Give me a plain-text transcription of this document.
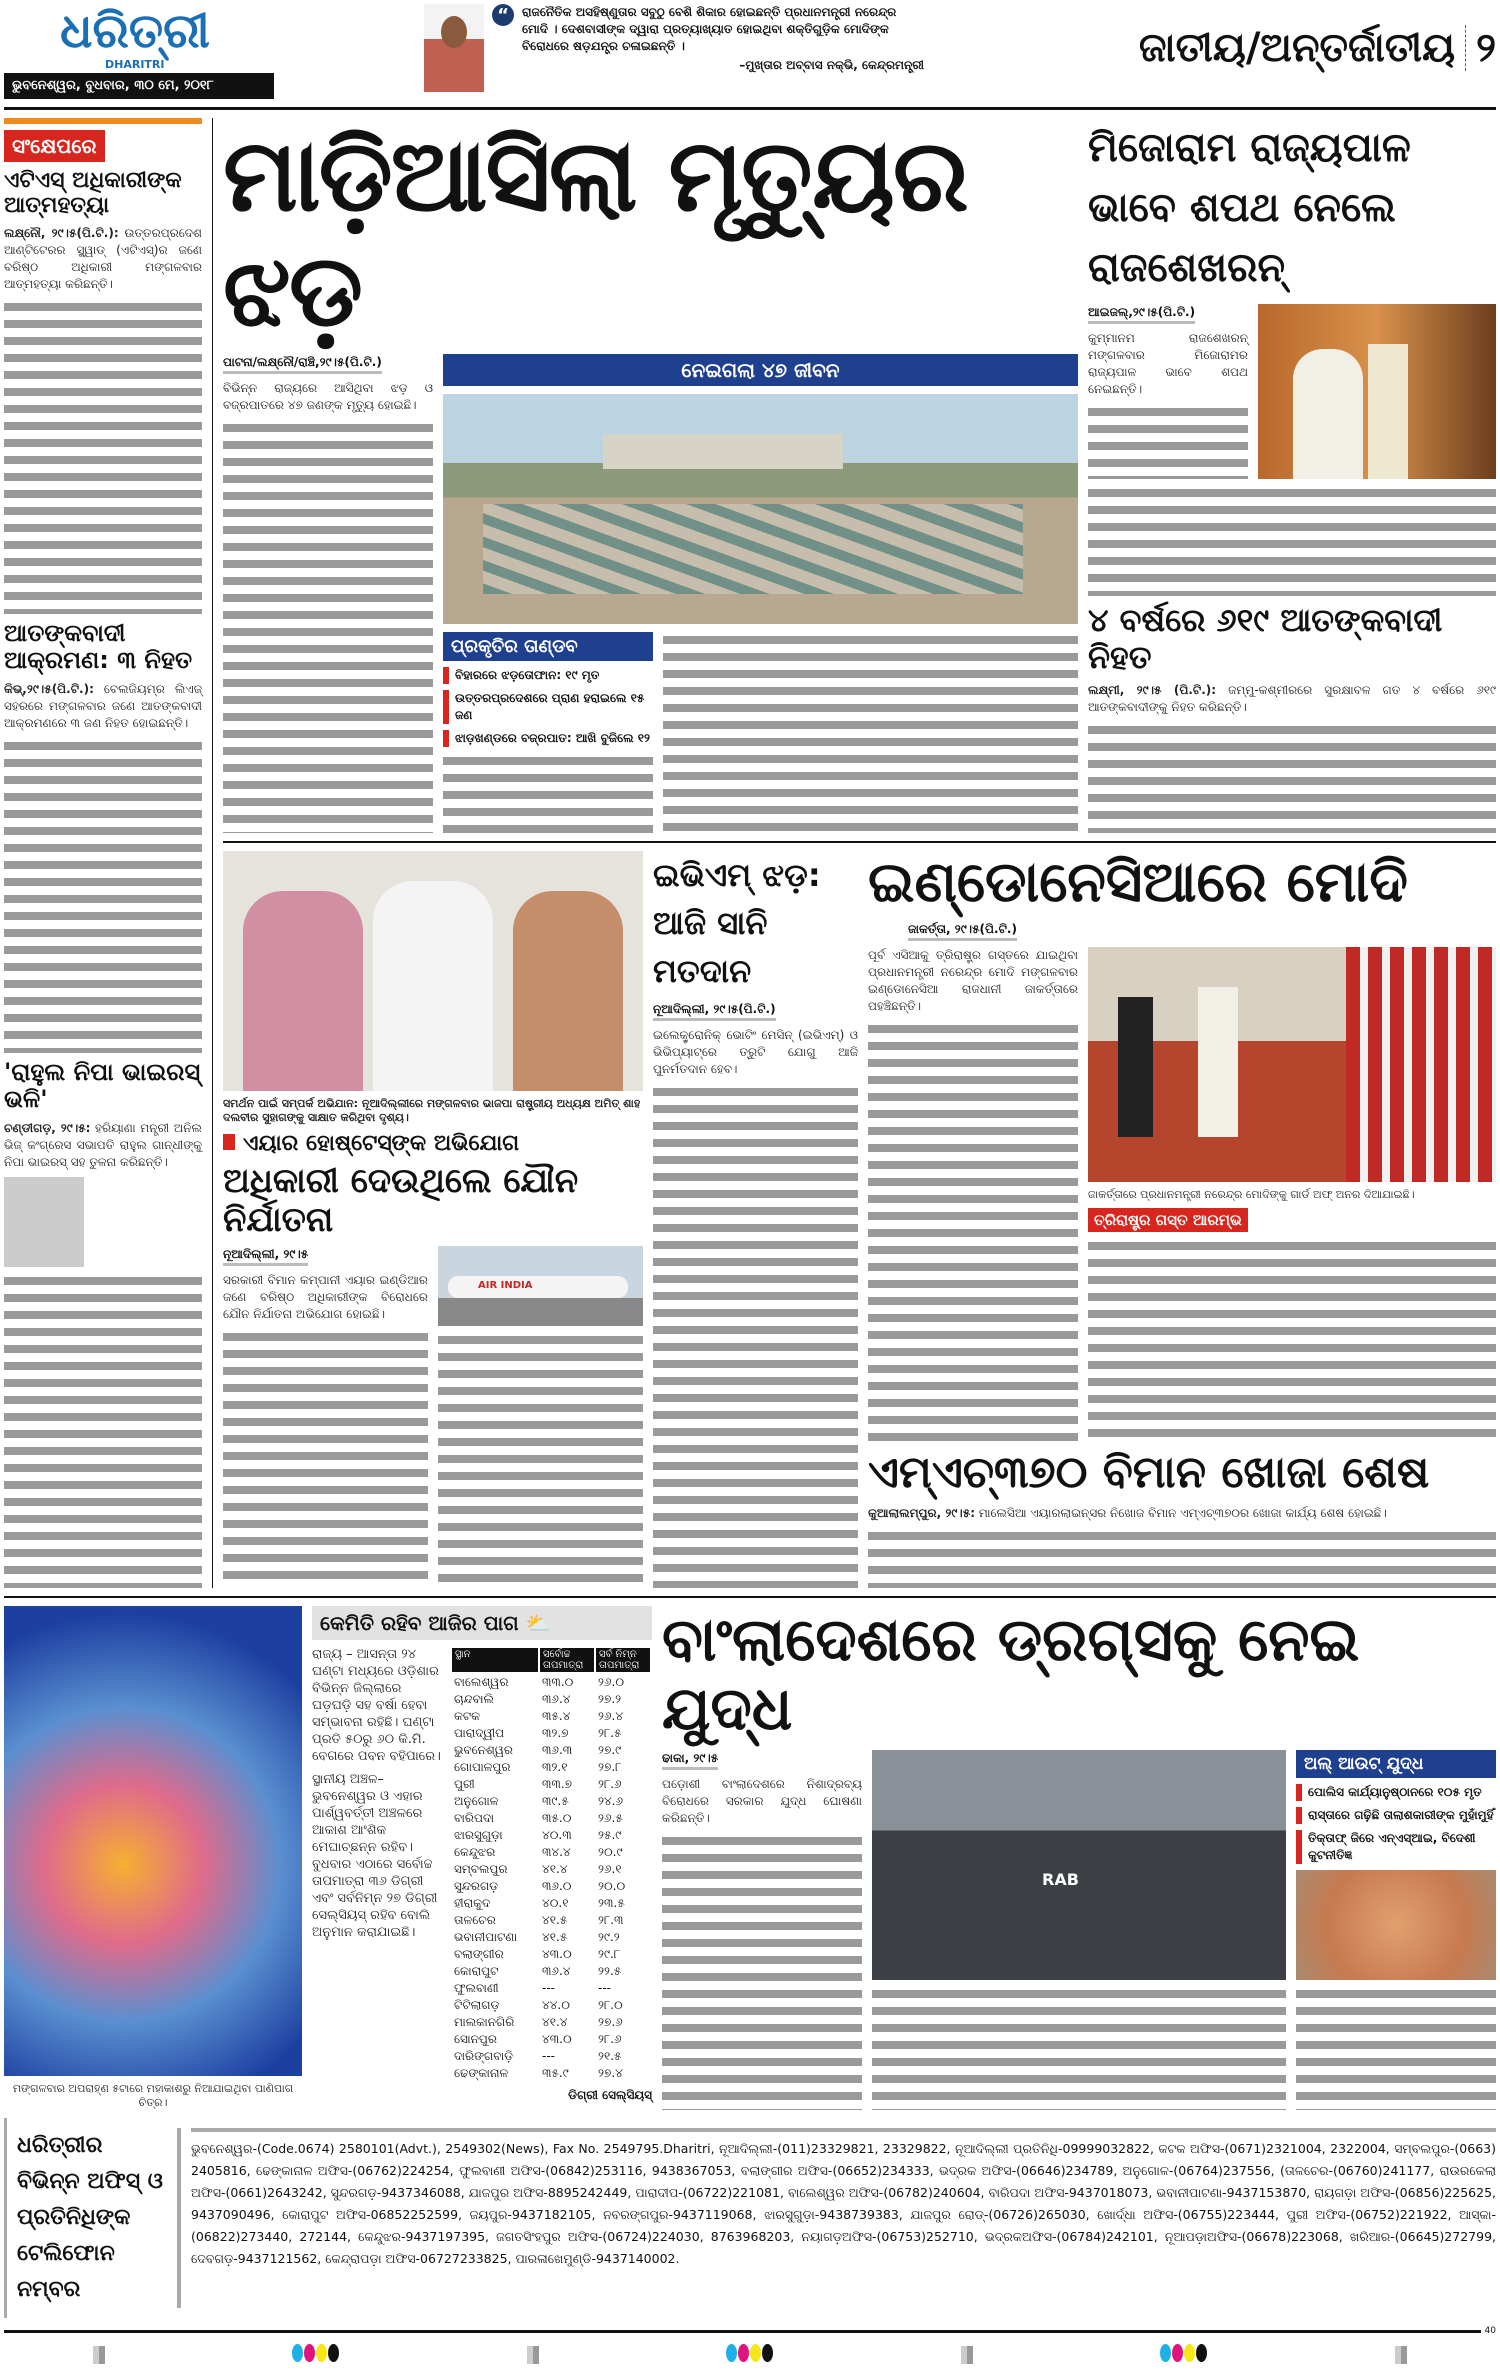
ଧରିତ୍ରୀ
DHARITRI
ଭୁବନେଶ୍ୱର, ବୁଧବାର, ୩୦ ମେ, ୨୦୧୮
“	ରାଜନୈତିକ ଅସହିଷ୍ଣୁତାର ସବୁଠୁ ବେଶି ଶିକାର ହୋଇଛନ୍ତି ପ୍ରଧାନମନ୍ତ୍ରୀ ନରେନ୍ଦ୍ର ମୋଦି । ଦେଶବାସୀଙ୍କ ଦ୍ୱାରା ପ୍ରତ୍ୟାଖ୍ୟାତ ହୋଇଥିବା ଶକ୍ତିଗୁଡ଼ିକ ମୋଦିଙ୍କ ବିରୋଧରେ ଷଡ଼ଯନ୍ତ୍ର ଚଳାଇଛନ୍ତି ।
–ମୁଖ୍ତାର ଅବ୍ବାସ ନକ୍‌ଭି, କେନ୍ଦ୍ରମନ୍ତ୍ରୀ	ଜାତୀୟ/ଅନ୍ତର୍ଜାତୀୟ ୨
ସଂକ୍ଷେପରେ
ଏଟିଏସ୍ ଅଧିକାରୀଙ୍କ ଆତ୍ମହତ୍ୟା
ଲକ୍ଷ୍ନୌ, ୨୯।୫(ପି.ଟି.): ଉତ୍ତରପ୍ରଦେଶ ଆଣ୍ଟିଟେରର ସ୍କ୍ୱାଡ୍ (ଏଟିଏସ୍)ର ଜଣେ ବରିଷ୍ଠ ଅଧିକାରୀ ମଙ୍ଗଳବାର ଆତ୍ମହତ୍ୟା କରିଛନ୍ତି।
ଆତଙ୍କବାଦୀ ଆକ୍ରମଣ: ୩ ନିହତ
କିଭ୍,୨୯।୫(ପି.ଟି.): ବେଲଜିୟମ୍‌ର ଲିଏଜ୍ ସହରରେ ମଙ୍ଗଳବାର ଜଣେ ଆତଙ୍କବାଦୀ ଆକ୍ରମଣରେ ୩ ଜଣ ନିହତ ହୋଇଛନ୍ତି।
'ରାହୁଲ ନିପା ଭାଇରସ୍ ଭଳି'
ଚଣ୍ଡୀଗଡ଼, ୨୯।୫: ହରିୟାଣା ମନ୍ତ୍ରୀ ଅନିଲ ଭିଜ୍ କଂଗ୍ରେସ ସଭାପତି ରାହୁଲ ଗାନ୍ଧୀଙ୍କୁ ନିପା ଭାଇରସ୍ ସହ ତୁଳନା କରିଛନ୍ତି।
ମାଡ଼ିଆସିଲା ମୃତ୍ୟୁର ଝଡ଼
ପାଟନା/ଲକ୍ଷ୍ନୌ/ରାଞ୍ଚି,୨୯।୫(ପି.ଟି.)
ବିଭିନ୍ନ ରାଜ୍ୟରେ ଆସିଥିବା ଝଡ଼ ଓ ବଜ୍ରପାତରେ ୪୭ ଜଣଙ୍କ ମୃତ୍ୟୁ ହୋଇଛି।
ନେଇଗଲା ୪୭ ଜୀବନ
ପ୍ରକୃତିର ତାଣ୍ଡବ
ବିହାରରେ ଝଡ଼ତୋଫାନ: ୧୯ ମୃତ
ଉତ୍ତରପ୍ରଦେଶରେ ପ୍ରାଣ ହରାଇଲେ ୧୫ ଜଣ
ଝାଡ଼ଖଣ୍ଡରେ ବଜ୍ରପାତ: ଆଖି ବୁଜିଲେ ୧୨
ମିଜୋରାମ ରାଜ୍ୟପାଳ ଭାବେ ଶପଥ ନେଲେ ରାଜଶେଖରନ୍
ଆଇଜଲ୍,୨୯।୫(ପି.ଟି.)
କୁମ୍ମାନମ ରାଜଶେଖରନ୍ ମଙ୍ଗଳବାର ମିଜୋରାମର ରାଜ୍ୟପାଳ ଭାବେ ଶପଥ ନେଇଛନ୍ତି।
୪ ବର୍ଷରେ ୬୧୯ ଆତଙ୍କବାଦୀ ନିହତ
ଲକ୍ଷ୍ମୀ, ୨୯।୫ (ପି.ଟି.): ଜମ୍ମୁ-କଶ୍ମୀରରେ ସୁରକ୍ଷାବଳ ଗତ ୪ ବର୍ଷରେ ୬୧୯ ଆତଙ୍କବାଦୀଙ୍କୁ ନିହତ କରିଛନ୍ତି।
ସମର୍ଥନ ପାଇଁ ସମ୍ପର୍କ ଅଭିଯାନ: ନୂଆଦିଲ୍ଲୀରେ ମଙ୍ଗଳବାର ଭାଜପା ରାଷ୍ଟ୍ରୀୟ ଅଧ୍ୟକ୍ଷ ଅମିତ୍ ଶାହ ଦଲବୀର ସୁହାଗଙ୍କୁ ସାକ୍ଷାତ କରିଥିବା ଦୃଶ୍ୟ।
ଏୟାର ହୋଷ୍ଟେସ୍‌ଙ୍କ ଅଭିଯୋଗ
ଅଧିକାରୀ ଦେଉଥିଲେ ଯୌନ ନିର୍ଯାତନା
ନୂଆଦିଲ୍ଲୀ, ୨୯।୫
ସରକାରୀ ବିମାନ କମ୍ପାନୀ ଏୟାର ଇଣ୍ଡିଆର ଜଣେ ବରିଷ୍ଠ ଅଧିକାରୀଙ୍କ ବିରୋଧରେ ଯୌନ ନିର୍ଯାତନା ଅଭିଯୋଗ ହୋଇଛି।
AIR INDIA
ଇଭିଏମ୍ ଝଡ଼: ଆଜି ସାନି ମତଦାନ
ନୂଆଦିଲ୍ଲୀ, ୨୯।୫(ପି.ଟି.)
ଇଲେକ୍ଟ୍ରୋନିକ୍ ଭୋଟିଂ ମେସିନ୍ (ଇଭିଏମ୍) ଓ ଭିଭିପ୍ୟାଟ୍‌ରେ ତ୍ରୁଟି ଯୋଗୁ ଆଜି ପୁନର୍ମତଦାନ ହେବ।
ଇଣ୍ଡୋନେସିଆରେ ମୋଦି
ଜାକର୍ତ୍ତା, ୨୯।୫(ପି.ଟି.)
ପୂର୍ବ ଏସିଆକୁ ତ୍ରିରାଷ୍ଟ୍ର ଗସ୍ତରେ ଯାଇଥିବା ପ୍ରଧାନମନ୍ତ୍ରୀ ନରେନ୍ଦ୍ର ମୋଦି ମଙ୍ଗଳବାର ଇଣ୍ଡୋନେସିଆ ରାଜଧାନୀ ଜାକର୍ତ୍ତାରେ ପହଞ୍ଚିଛନ୍ତି।
ଜାକର୍ତ୍ତାରେ ପ୍ରଧାନମନ୍ତ୍ରୀ ନରେନ୍ଦ୍ର ମୋଦିଙ୍କୁ ଗାର୍ଡ ଅଫ୍ ଅନର ଦିଆଯାଇଛି।
ତ୍ରିରାଷ୍ଟ୍ର ଗସ୍ତ ଆରମ୍ଭ
ଏମ୍ଏଚ୍୩୭୦ ବିମାନ ଖୋଜା ଶେଷ
କୁଆଲାଲମ୍ପୁର, ୨୯।୫: ମାଲେସିଆ ଏୟାରଲାଇନ୍ସର ନିଖୋଜ ବିମାନ ଏମ୍ଏଚ୍୩୭୦ର ଖୋଜା କାର୍ଯ୍ୟ ଶେଷ ହୋଇଛି।
ମଙ୍ଗଳବାର ଅପରାହ୍ଣ ୫ଟାରେ ମହାକାଶରୁ ନିଆଯାଇଥିବା ପାଣିପାଗ ଚିତ୍ର।
କେମିତି ରହିବ ଆଜିର ପାଗ ⛅
ରାଜ୍ୟ – ଆସନ୍ତା ୨୪ ଘଣ୍ଟା ମଧ୍ୟରେ ଓଡ଼ିଶାର ବିଭିନ୍ନ ଜିଲ୍ଲାରେ ଘଡ଼ଘଡ଼ି ସହ ବର୍ଷା ହେବା ସମ୍ଭାବନା ରହିଛି। ଘଣ୍ଟା ପ୍ରତି ୫୦ରୁ ୬୦ କି.ମି. ବେଗରେ ପବନ ବହିପାରେ।
ସ୍ଥାନୀୟ ଅଞ୍ଚଳ– ଭୁବନେଶ୍ୱର ଓ ଏହାର ପାର୍ଶ୍ୱବର୍ତ୍ତୀ ଅଞ୍ଚଳରେ ଆକାଶ ଆଂଶିକ ମେଘାଚ୍ଛନ୍ନ ରହିବ। ବୁଧବାର ଏଠାରେ ସର୍ବୋଚ୍ଚ ତାପମାତ୍ରା ୩୬ ଡିଗ୍ରୀ ଏବଂ ସର୍ବନିମ୍ନ ୨୭ ଡିଗ୍ରୀ ସେଲ୍‌ସିୟସ୍ ରହିବ ବୋଲି ଅନୁମାନ କରାଯାଇଛି।
ସ୍ଥାନ	ସର୍ବୋଚ୍ଚ ତାପମାତ୍ରା	ସର୍ବ ନିମ୍ନ ତାପମାତ୍ରା
ବାଲେଶ୍ୱର	୩୩.୦	୨୬.୦
ଚାନ୍ଦବାଲି	୩୬.୪	୨୭.୨
କଟକ	୩୫.୪	୨୬.୪
ପାରାଦ୍ୱୀପ	୩୨.୭	୨୮.୫
ଭୁବନେଶ୍ୱର	୩୬.୩	୨୭.୯
ଗୋପାଳପୁର	୩୨.୧	୨୭.୮
ପୁରୀ	୩୩.୭	୨୮.୬
ଅନୁଗୋଳ	୩୯.୫	୨୪.୬
ବାରିପଦା	୩୫.୦	୨୬.୫
ଝାରସୁଗୁଡ଼ା	୪୦.୩	୨୫.୯
କେନ୍ଦୁଝର	୩୪.୪	୨୦.୯
ସମ୍ବଲପୁର	୪୧.୪	୨୬.୧
ସୁନ୍ଦରଗଡ଼	୩୬.୦	୨୦.୦
ହୀରାକୁଦ	୪୦.୧	୨୩.୫
ତାଳଚେର	୪୧.୫	୨୮.୩
ଭବାନୀପାଟଣା	୪୧.୫	୨୯.୨
ବଲାଙ୍ଗୀର	୪୩.୦	୨୯.୮
କୋରାପୁଟ	୩୬.୪	୨୨.୫
ଫୁଲବାଣୀ	---	---
ଟିଟିଲାଗଡ଼	୪୪.୦	୨୮.୦
ମାଲକାନଗିରି	୪୧.୪	୨୭.୬
ସୋନପୁର	୪୩.୦	୨୮.୬
ଦାରିଙ୍ଗବାଡ଼ି	---	୨୧.୫
ଢେଙ୍କାନାଳ	୩୫.୯	୨୭.୪
ଡିଗ୍ରୀ ସେଲ୍‌ସିୟସ୍
ବାଂଲାଦେଶରେ ଡ୍ରଗ୍ସକୁ ନେଇ ଯୁଦ୍ଧ
ଢାକା, ୨୯।୫
ପଡ଼ୋଶୀ ବାଂଲାଦେଶରେ ନିଶାଦ୍ରବ୍ୟ ବିରୋଧରେ ସରକାର ଯୁଦ୍ଧ ଘୋଷଣା କରିଛନ୍ତି।
RAB
ଅଲ୍ ଆଉଟ୍ ଯୁଦ୍ଧ
ପୋଲିସ କାର୍ଯ୍ୟାନୁଷ୍ଠାନରେ ୧୦୫ ମୃତ
ରାସ୍ତାରେ ଗଢ଼ିଛି ତାଲାଶକାରୀଙ୍କ ମୁହାଁମୁହିଁ
ତିକ୍ତାଫ୍ ଜିରେ ଏନ୍‌ଏସ୍‌ଆଇ, ବିଦେଶୀ କୁଟନୀତିଜ୍ଞ
ଧରିତ୍ରୀର ବିଭିନ୍ନ ଅଫିସ୍ ଓ ପ୍ରତିନିଧିଙ୍କ ଟେଲିଫୋନ ନମ୍ବର
ଭୁବନେଶ୍ୱର-(Code.0674) 2580101(Advt.), 2549302(News), Fax No. 2549795.Dharitri, ନୂଆଦିଲ୍ଲୀ-(011)23329821, 23329822, ନୂଆଦିଲ୍ଲୀ ପ୍ରତିନିଧି-09999032822, କଟକ ଅଫିସ-(0671)2321004, 2322004, ସମ୍ବଲପୁର-(0663) 2405816, ଢେଙ୍କାନାଳ ଅଫିସ-(06762)224254, ଫୁଲବାଣୀ ଅଫିସ-(06842)253116, 9438367053, ବଲାଙ୍ଗୀର ଅଫିସ-(06652)234333, ଭଦ୍ରକ ଅଫିସ-(06646)234789, ଅନୁଗୋଳ-(06764)237556, (ତାଳଚେର-(06760)241177, ରାଉରକେଲା ଅଫିସ-(0661)2643242, ସୁନ୍ଦରଗଡ଼-9437346088, ଯାଜପୁର ଅଫିସ-8895242449, ପାରାଦୀପ-(06722)221081, ବାଲେଶ୍ୱର ଅଫିସ-(06782)240604, ବାରିପଦା ଅଫିସ-9437018073, ଭବାନୀପାଟଣା-9437153870, ରାୟଗଡ଼ା ଅଫିସ-(06856)225625, 9437090496, କୋରାପୁଟ ଅଫିସ-06852252599, ଜୟପୁର-9437182105, ନବରଙ୍ଗପୁର-9437119068, ଝାରସୁଗୁଡ଼ା-9438739383, ଯାଜପୁର ରୋଡ୍-(06726)265030, ଖୋର୍ଦ୍ଧା ଅଫିସ-(06755)223444, ପୁରୀ ଅଫିସ-(06752)221922, ଆସ୍କା-(06822)273440, 272144, କେନ୍ଦୁଝର-9437197395, ଜଗତସିଂହପୁର ଅଫିସ-(06724)224030, 8763968203, ନୟାଗଡ଼ଅଫିସ-(06753)252710, ଭଦ୍ରକଅଫିସ-(06784)242101, ନୂଆପଡ଼ାଅଫିସ-(06678)223068, ଖରିଆର-(06645)272799, ଦେବଗଡ଼-9437121562, କେନ୍ଦ୍ରାପଡ଼ା ଅଫିସ-06727233825, ପାରଳାଖେମୁଣ୍ଡି-9437140002.
40
